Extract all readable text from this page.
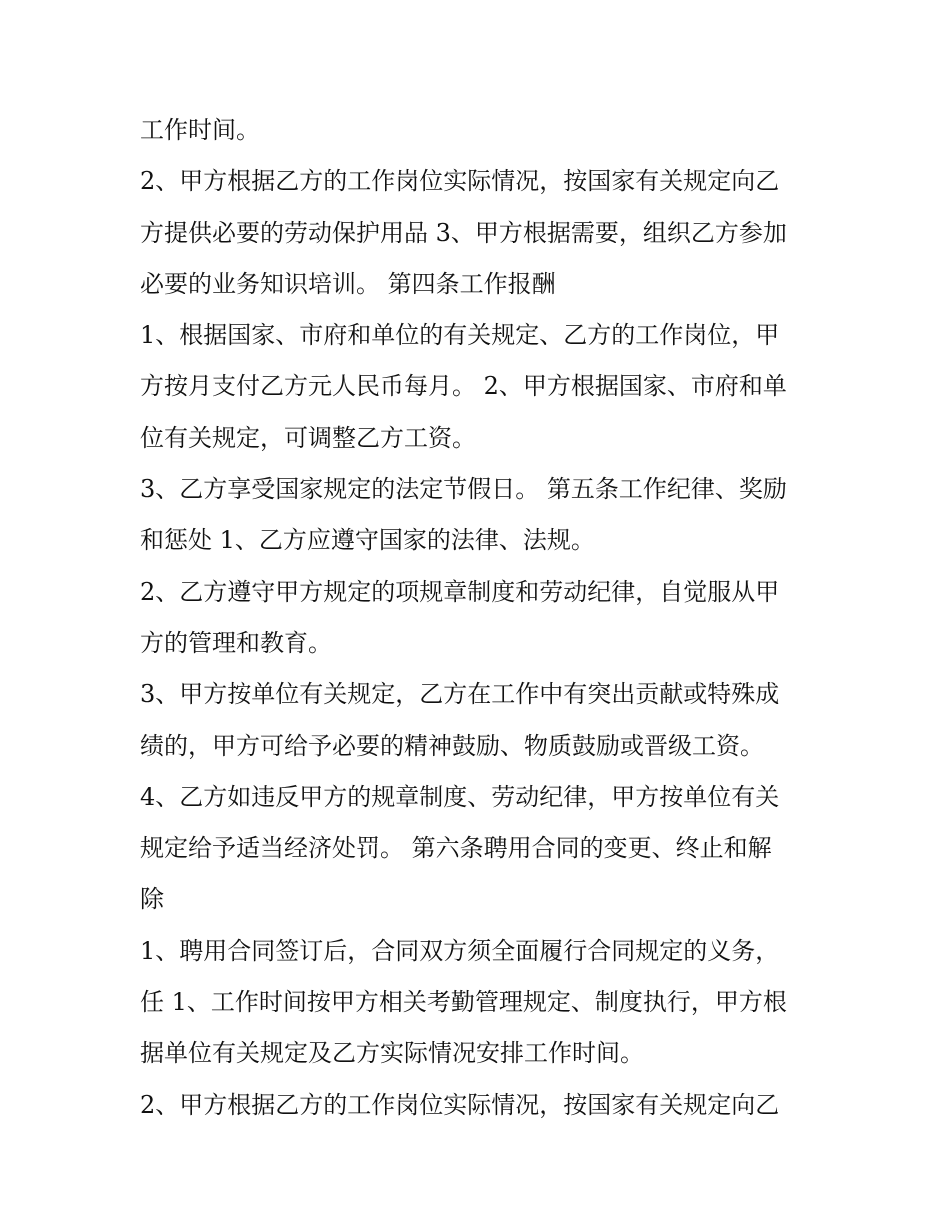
工作时间。

2、甲方根据乙方的工作岗位实际情况，按国家有关规定向乙
方提供必要的劳动保护用品 3、甲方根据需要，组织乙方参加
必要的业务知识培训。 第四条工作报酬

1、根据国家、市府和单位的有关规定、乙方的工作岗位，甲
方按月支付乙方元人民币每月。 2、甲方根据国家、市府和单
位有关规定，可调整乙方工资。

3、乙方享受国家规定的法定节假日。 第五条工作纪律、奖励
和惩处 1、乙方应遵守国家的法律、法规。

2、乙方遵守甲方规定的项规章制度和劳动纪律，自觉服从甲
方的管理和教育。

3、甲方按单位有关规定，乙方在工作中有突出贡献或特殊成
绩的，甲方可给予必要的精神鼓励、物质鼓励或晋级工资。

4、乙方如违反甲方的规章制度、劳动纪律，甲方按单位有关
规定给予适当经济处罚。 第六条聘用合同的变更、终止和解
除

1、聘用合同签订后，合同双方须全面履行合同规定的义务，
任 1、工作时间按甲方相关考勤管理规定、制度执行，甲方根
据单位有关规定及乙方实际情况安排工作时间。

2、甲方根据乙方的工作岗位实际情况，按国家有关规定向乙
